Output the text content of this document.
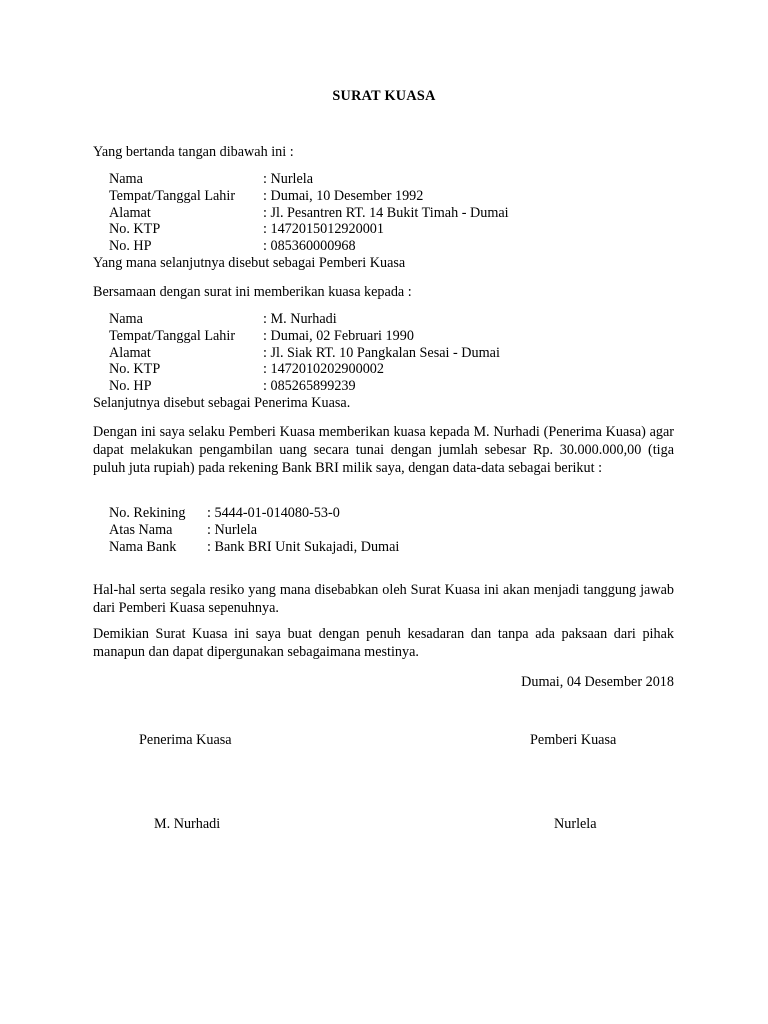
SURAT KUASA
Yang bertanda tangan dibawah ini :
Nama	: Nurlela
Tempat/Tanggal Lahir : Dumai, 10 Desember 1992
Alamat	: Jl. Pesantren RT. 14 Bukit Timah - Dumai
No. KTP	: 1472015012920001
No. HP	: 085360000968
Yang mana selanjutnya disebut sebagai Pemberi Kuasa
Bersamaan dengan surat ini memberikan kuasa kepada :
Nama	: M. Nurhadi
Tempat/Tanggal Lahir : Dumai, 02 Februari 1990
Alamat	: Jl. Siak RT. 10 Pangkalan Sesai - Dumai
No. KTP	: 1472010202900002
No. HP	: 085265899239
Selanjutnya disebut sebagai Penerima Kuasa.
Dengan ini saya selaku Pemberi Kuasa memberikan kuasa kepada M. Nurhadi (Penerima Kuasa) agar dapat melakukan pengambilan uang secara tunai dengan jumlah sebesar Rp. 30.000.000,00 (tiga puluh juta rupiah) pada rekening Bank BRI milik saya, dengan data-data sebagai berikut :
No. Rekining : 5444-01-014080-53-0
Atas Nama : Nurlela
Nama Bank : Bank BRI Unit Sukajadi, Dumai
Hal-hal serta segala resiko yang mana disebabkan oleh Surat Kuasa ini akan menjadi tanggung jawab dari Pemberi Kuasa sepenuhnya.
Demikian Surat Kuasa ini saya buat dengan penuh kesadaran dan tanpa ada paksaan dari pihak manapun dan dapat dipergunakan sebagaimana mestinya.
Dumai, 04 Desember 2018
Penerima Kuasa	Pemberi Kuasa
M. Nurhadi	Nurlela
